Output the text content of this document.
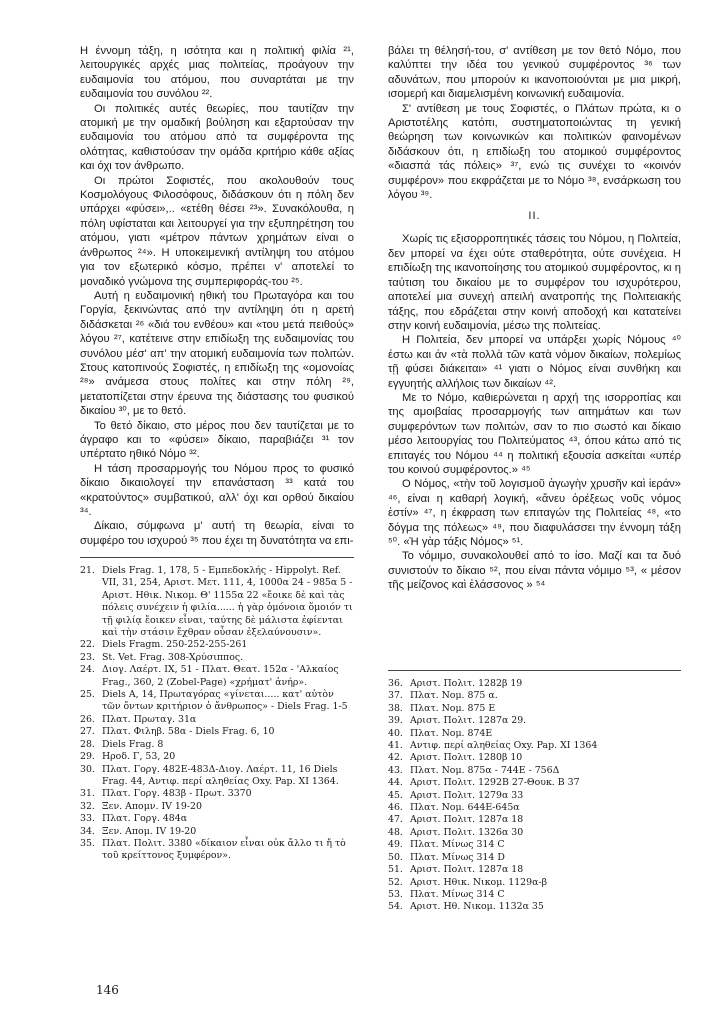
Η έννομη τάξη, η ισότητα και η πολιτική φιλία ²¹, λειτουργικές αρχές μιας πολιτείας, προάγουν την ευδαιμονία του ατόμου, που συναρτάται με την ευδαιμονία του συνόλου ²².

Οι πολιτικές αυτές θεωρίες, που ταυτίζαν την ατομική με την ομαδική βούληση και εξαρτούσαν την ευδαιμονία του ατόμου από τα συμφέροντα της ολότητας, καθιστούσαν την ομάδα κριτήριο κάθε αξίας και όχι τον άνθρωπο.

Οι πρώτοι Σοφιστές, που ακολουθούν τους Κοσμολόγους Φιλοσόφους, διδάσκουν ότι η πόλη δεν υπάρχει «φύσει»,.. «ετέθη θέσει ²³». Συνακόλουθα, η πόλη υφίσταται και λειτουργεί για την εξυπηρέτηση του ατόμου, γιατι «μέτρον πάντων χρημάτων είναι ο άνθρωπος ²⁴». Η υποκειμενική αντίληψη του ατόμου για τον εξωτερικό κόσμο, πρέπει ν' αποτελεί το μοναδικό γνώμονα της συμπεριφοράς-του ²⁵.

Αυτή η ευδαιμονική ηθική του Πρωταγόρα και του Γοργία, ξεκινώντας από την αντίληψη ότι η αρετή διδάσκεται ²⁶ «διά του ενθέου» και «του μετά πειθούς» λόγου ²⁷, κατέτεινε στην επιδίωξη της ευδαιμονίας του συνόλου μέσ' απ' την ατομική ευδαιμονία των πολιτών. Στους κατοπινούς Σοφιστές, η επιδίωξη της «ομονοίας ²⁸» ανάμεσα στους πολίτες και στην πόλη ²⁹, μετατοπίζεται στην έρευνα της διάστασης του φυσικού δικαίου ³⁰, με το θετό.

Το θετό δίκαιο, στο μέρος που δεν ταυτίζεται με το άγραφο και το «φύσει» δίκαιο, παραβιάζει ³¹ τον υπέρτατο ηθικό Νόμο ³².

Η τάση προσαρμογής του Νόμου προς το φυσικό δίκαιο δικαιολογεί την επανάσταση ³³ κατά του «κρατούντος» συμβατικού, αλλ' όχι και ορθού δικαίου ³⁴.

Δίκαιο, σύμφωνα μ' αυτή τη θεωρία, είναι το συμφέρο του ισχυρού ³⁵ που έχει τη δυνατότητα να επι-

βάλει τη θέλησή-του, σ' αντίθεση με τον θετό Νόμο, που καλύπτει την ιδέα του γενικού συμφέροντος ³⁶ των αδυνάτων, που μπορούν κι ικανοποιούνται με μια μικρή, ισομερή και διαμελισμένη κοινωνική ευδαιμονία.

Σ' αντίθεση με τους Σοφιστές, ο Πλάτων πρώτα, κι ο Αριστοτέλης κατόπι, συστηματοποιώντας τη γενική θεώρηση των κοινωνικών και πολιτικών φαινομένων διδάσκουν ότι, η επιδίωξη του ατομικού συμφέροντος «διασπά τάς πόλεις» ³⁷, ενώ τις συνέχει το «κοινόν συμφέρον» που εκφράζεται με το Νόμο ³⁸, ενσάρκωση του λόγου ³⁹.

II.

Χωρίς τις εξισορροπητικές τάσεις του Νόμου, η Πολιτεία, δεν μπορεί να έχει ούτε σταθερότητα, ούτε συνέχεια. Η επιδίωξη της ικανοποίησης του ατομικού συμφέροντος, κι η ταύτιση του δικαίου με το συμφέρον του ισχυρότερου, αποτελεί μια συνεχή απειλή ανατροπής της Πολιτειακής τάξης, που εδράζεται στην κοινή αποδοχή και κατατείνει στην κοινή ευδαιμονία, μέσω της πολιτείας.

Η Πολιτεία, δεν μπορεί να υπάρξει χωρίς Νόμους ⁴⁰ έστω και άν «τὰ πολλὰ τῶν κατὰ νόμον δικαίων, πολεμίως τῇ φύσει διάκειται» ⁴¹ γιατι ο Νόμος είναι συνθήκη και εγγυητής αλλήλοις των δικαίων ⁴².

Με το Νόμο, καθιερώνεται η αρχή της ισορροπίας και της αμοιβαίας προσαρμογής των αιτημάτων και των συμφερόντων των πολιτών, σαν το πιο σωστό και δίκαιο μέσο λειτουργίας του Πολιτεύματος ⁴³, όπου κάτω από τις επιταγές του Νόμου ⁴⁴ η πολιτική εξουσία ασκείται «υπέρ του κοινού συμφέροντος.» ⁴⁵

Ο Νόμος, «τὴν τοῦ λογισμοῦ ἀγωγὴν χρυσῆν καὶ ἱεράν» ⁴⁶, είναι η καθαρή λογική, «ἄνευ ὀρέξεως νοῦς νόμος ἐστίν» ⁴⁷, η έκφραση των επιταγών της Πολιτείας ⁴⁸, «το δόγμα της πόλεως» ⁴⁹, που διαφυλάσσει την έννομη τάξη ⁵⁰. «Ἡ γὰρ τάξις Νόμος» ⁵¹.

Το νόμιμο, συνακολουθεί από το ίσο. Μαζί και τα δυό συνιστούν το δίκαιο ⁵², που είναι πάντα νόμιμο ⁵³, « μέσον τῆς μείζονος καὶ ἐλάσσονος » ⁵⁴

21. Diels Frag. 1, 178, 5 - Εμπεδοκλής - Hippolyt. Ref. VII, 31, 254, Αριστ. Μετ. 111, 4, 1000α 24 - 985α 5 - Αριστ. Ηθικ. Νικομ. Θ' 1155α 22 «ἔοικε δὲ καὶ τὰς πόλεις συνέχειν ἡ φιλία...... ἡ γὰρ ὁμόνοια ὅμοιόν τι τῇ φιλίᾳ ἔοικεν εἶναι, ταύτης δὲ μάλιστα ἐφίενται καὶ τὴν στάσιν ἔχθραν οὖσαν ἐξελαύνουσιν».
22. Diels Fragm. 250-252-255-261
23. St. Vet. Frag. 308-Χρύσιππος.
24. Διογ. Λαέρτ. IX, 51 - Πλατ. Θεατ. 152α - 'Αλκαίος Frag., 360, 2 (Zobel-Page) «χρήματ' ἀνήρ».
25. Diels A, 14, Πρωταγόρας «γίνεται..... κατ' αὐτὸν τῶν ὄντων κριτήριον ὁ ἄνθρωπος» - Diels Frag. 1-5
26. Πλατ. Πρωταγ. 31α
27. Πλατ. Φιληβ. 58α - Diels Frag. 6, 10
28. Diels Frag. 8
29. Ηροδ. Γ, 53, 20
30. Πλατ. Γοργ. 482Ε-483Δ-Διογ. Λαέρτ. 11, 16 Diels Frag. 44, Αντιφ. περί αληθείας Οxy. Pap. XI 1364.
31. Πλατ. Γοργ. 483β - Πρωτ. 3370
32. Ξεν. Απομν. IV 19-20
33. Πλατ. Γοργ. 484α
34. Ξεν. Απομ. IV 19-20
35. Πλατ. Πολιτ. 3380 «δίκαιον εἶναι οὐκ ἄλλο τι ἤ τὸ τοῦ κρείττονος ξυμφέρον».
36. Αριστ. Πολιτ. 1282β 19
37. Πλατ. Νομ. 875 α.
38. Πλατ. Νομ. 875 Ε
39. Αριστ. Πολιτ. 1287α 29.
40. Πλατ. Νομ. 874Ε
41. Αντιφ. περί αληθείας Οxy. Pap. XI 1364
42. Αριστ. Πολιτ. 1280β 10
43. Πλατ. Νομ. 875α - 744Ε - 756Δ
44. Αριστ. Πολιτ. 1292Β 27-Θουκ. Β 37
45. Αριστ. Πολιτ. 1279α 33
46. Πλατ. Νομ. 644Ε-645α
47. Αριστ. Πολιτ. 1287α 18
48. Αριστ. Πολιτ. 1326α 30
49. Πλατ. Μίνως 314 C
50. Πλατ. Μίνως 314 D
51. Αριστ. Πολιτ. 1287α 18
52. Αριστ. Ηθικ. Νικομ. 1129α-β
53. Πλατ. Μίνως 314 C
54. Αριστ. Ηθ. Νικομ. 1132α 35
146
